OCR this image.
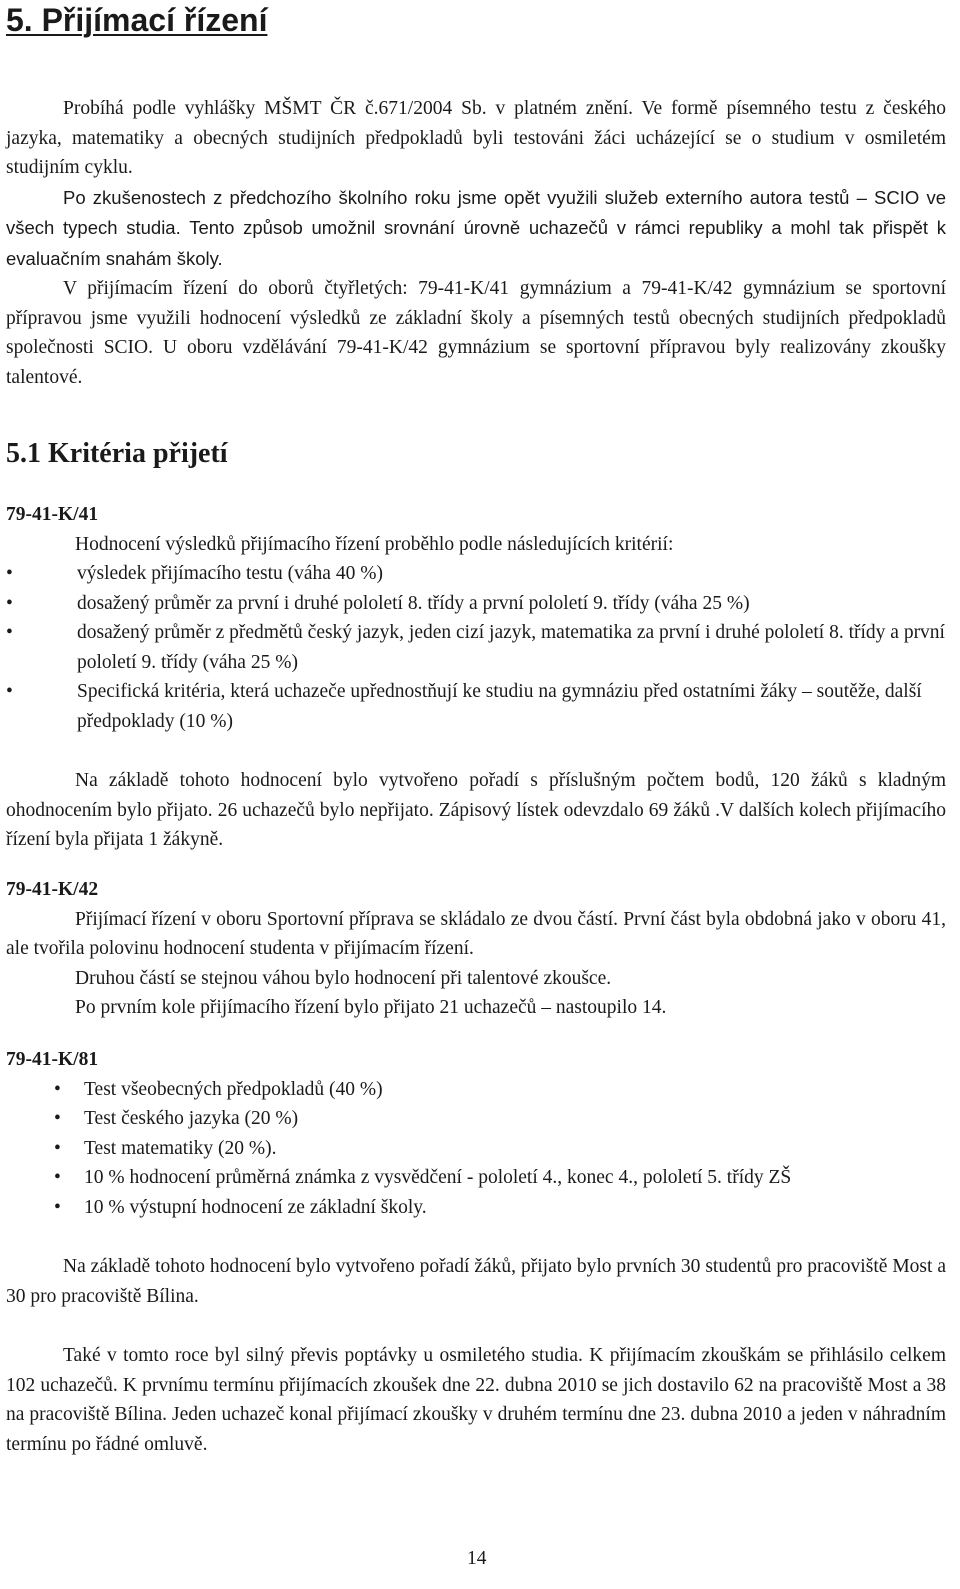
5. Přijímací řízení

Probíhá podle vyhlášky MŠMT ČR č.671/2004 Sb. v platném znění. Ve formě písemného testu z českého jazyka, matematiky a obecných studijních předpokladů byli testováni žáci ucházející se o studium v osmiletém studijním cyklu.

Po zkušenostech z předchozího školního roku jsme opět využili služeb externího autora testů – SCIO ve všech typech studia. Tento způsob umožnil srovnání úrovně uchazečů v rámci republiky a mohl tak přispět k evaluačním snahám školy.

V přijímacím řízení do oborů čtyřletých: 79-41-K/41 gymnázium a 79-41-K/42 gymnázium se sportovní přípravou jsme využili hodnocení výsledků ze základní školy a písemných testů obecných studijních předpokladů společnosti SCIO. U oboru vzdělávání 79-41-K/42 gymnázium se sportovní přípravou byly realizovány zkoušky talentové.

5.1 Kritéria přijetí

79-41-K/41

Hodnocení výsledků přijímacího řízení proběhlo podle následujících kritérií:

• výsledek přijímacího testu (váha 40 %)
• dosažený průměr za první i druhé pololetí 8. třídy a první pololetí 9. třídy (váha 25 %)
• dosažený průměr z předmětů český jazyk, jeden cizí jazyk, matematika za první i druhé pololetí 8. třídy a první pololetí 9. třídy (váha 25 %)
• Specifická kritéria, která uchazeče upřednostňují ke studiu na gymnáziu před ostatními žáky – soutěže, další předpoklady (10 %)

Na základě tohoto hodnocení bylo vytvořeno pořadí s příslušným počtem bodů, 120 žáků s kladným ohodnocením bylo přijato. 26 uchazečů bylo nepřijato. Zápisový lístek odevzdalo 69 žáků .V dalších kolech přijímacího řízení byla přijata 1 žákyně.

79-41-K/42

Přijímací řízení v oboru Sportovní příprava se skládalo ze dvou částí. První část byla obdobná jako v oboru 41, ale tvořila polovinu hodnocení studenta v přijímacím řízení.

Druhou částí se stejnou váhou bylo hodnocení při talentové zkoušce.

Po prvním kole přijímacího řízení bylo přijato 21 uchazečů – nastoupilo 14.

79-41-K/81

• Test všeobecných předpokladů (40 %)
• Test českého jazyka (20 %)
• Test matematiky (20 %).
• 10 % hodnocení průměrná známka z vysvědčení - pololetí 4., konec 4., pololetí 5. třídy ZŠ
• 10 % výstupní hodnocení ze základní školy.

Na základě tohoto hodnocení bylo vytvořeno pořadí žáků, přijato bylo prvních 30 studentů pro pracoviště Most a 30 pro pracoviště Bílina.

Také v tomto roce byl silný převis poptávky u osmiletého studia. K přijímacím zkouškám se přihlásilo celkem 102 uchazečů. K prvnímu termínu přijímacích zkoušek dne 22. dubna 2010 se jich dostavilo 62 na pracoviště Most a 38 na pracoviště Bílina. Jeden uchazeč konal přijímací zkoušky v druhém termínu dne 23. dubna 2010 a jeden v náhradním termínu po řádné omluvě.

14
